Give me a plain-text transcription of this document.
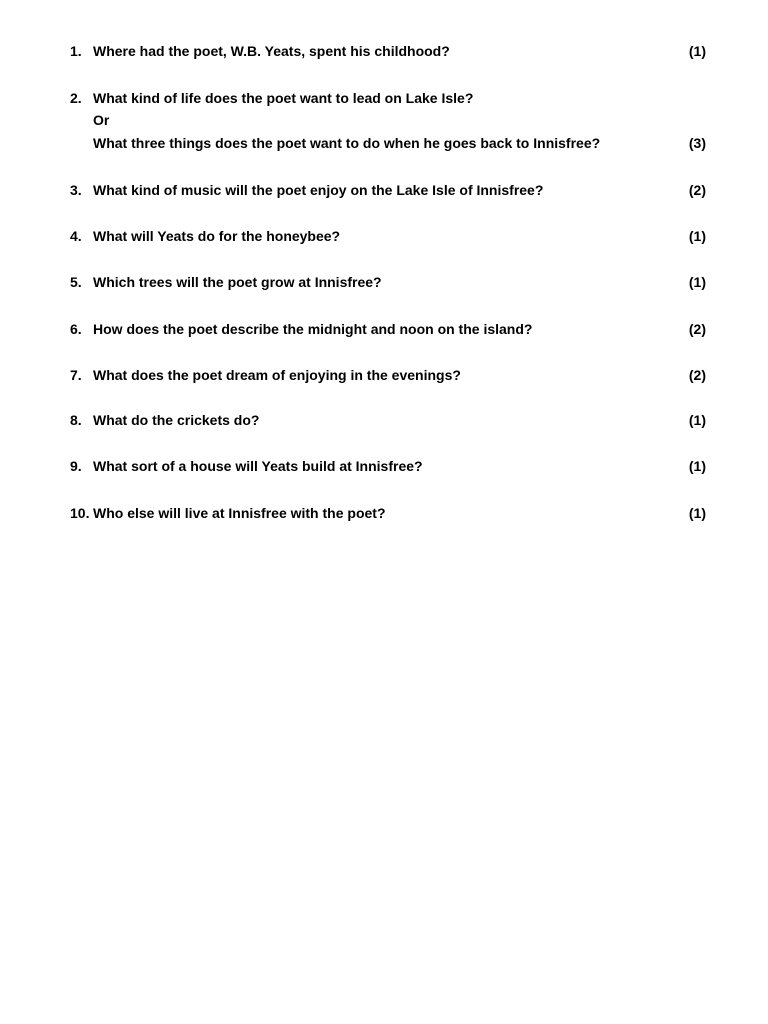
1. Where had the poet, W.B. Yeats, spent his childhood?	(1)
2. What kind of life does the poet want to lead on Lake Isle?
Or
What three things does the poet want to do when he goes back to Innisfree?	(3)
3. What kind of music will the poet enjoy on the Lake Isle of Innisfree?	(2)
4. What will Yeats do for the honeybee?	(1)
5. Which trees will the poet grow at Innisfree?	(1)
6. How does the poet describe the midnight and noon on the island?	(2)
7. What does the poet dream of enjoying in the evenings?	(2)
8. What do the crickets do?	(1)
9. What sort of a house will Yeats build at Innisfree?	(1)
10. Who else will live at Innisfree with the poet?	(1)
